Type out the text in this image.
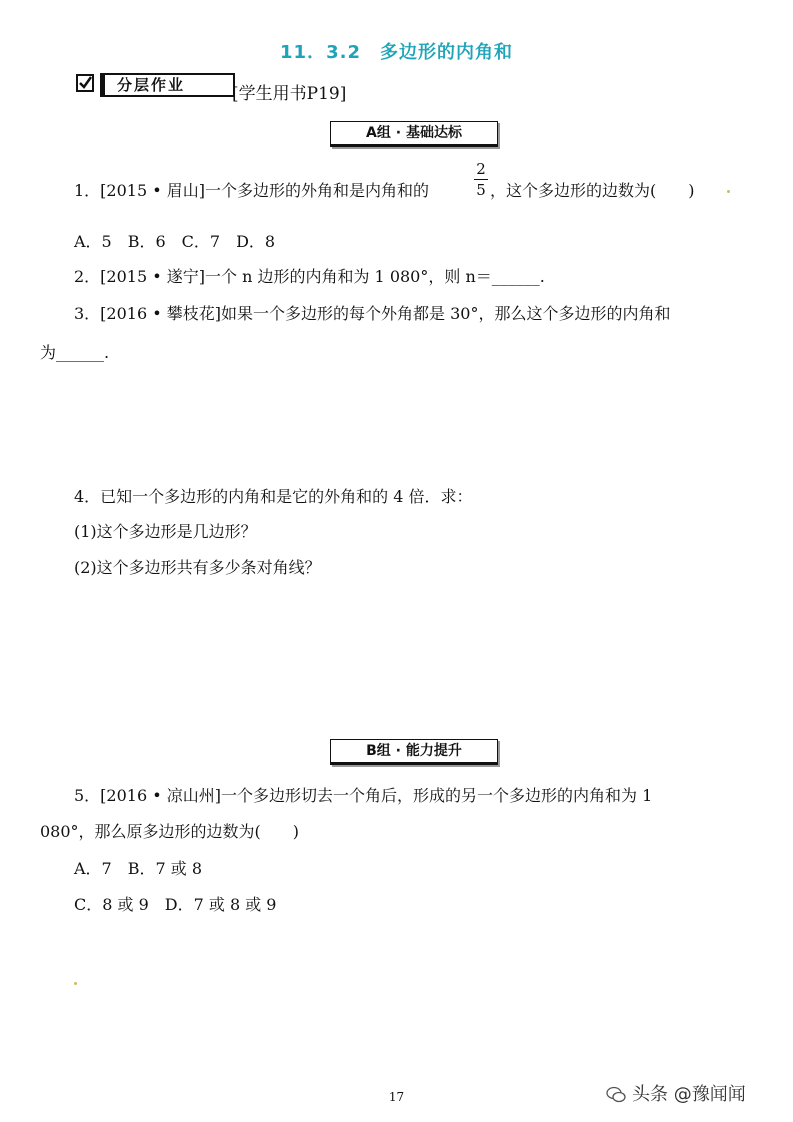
11．3.2　多边形的内角和
分层作业	[学生用书P19]
A组 · 基础达标
1．[2015 • 眉山]一个多边形的外角和是内角和的
2
5 ，这个多边形的边数为(　　)
A．5　B．6　C．7　D．8
2．[2015 • 遂宁]一个 n 边形的内角和为 1 080°，则 n＝______.
3．[2016 • 攀枝花]如果一个多边形的每个外角都是 30°，那么这个多边形的内角和
为______.
4．已知一个多边形的内角和是它的外角和的 4 倍．求：
(1)这个多边形是几边形？
(2)这个多边形共有多少条对角线？
B组 · 能力提升
5．[2016 • 凉山州]一个多边形切去一个角后，形成的另一个多边形的内角和为 1
080°，那么原多边形的边数为(　　)
A．7　B．7 或 8
C．8 或 9　D．7 或 8 或 9
17	头条 @豫闻闻
